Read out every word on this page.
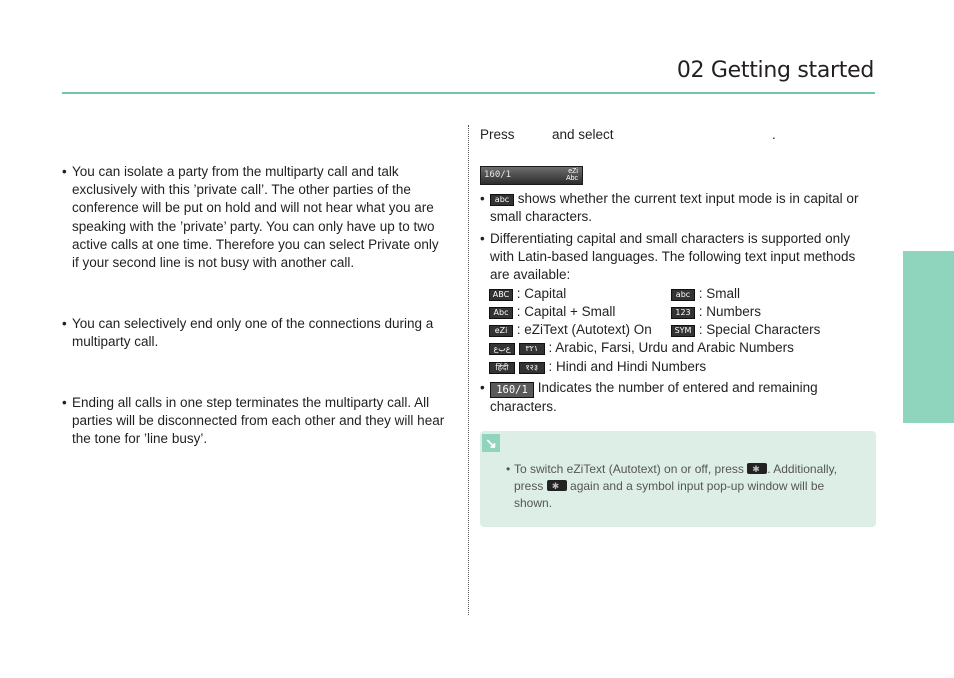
02 Getting started
• You can isolate a party from the multiparty call and talk exclusively with this ’private call’. The other parties of the conference will be put on hold and will not hear what you are speaking with the ’private’ party. You can only have up to two active calls at one time. Therefore you can select Private only if your second line is not busy with another call.
• You can selectively end only one of the connections during a multiparty call.
• Ending all calls in one step terminates the multiparty call. All parties will be disconnected from each other and they will hear the tone for ’line busy’.
Press	and select	.
160/1	eZi
Abc
• abc shows whether the current text input mode is in capital or small characters.
• Differentiating capital and small characters is supported only with Latin-based languages. The following text input methods are available:
ABC : Capital	abc : Small
Abc : Capital + Small	123 : Numbers
eZi : eZiText (Autotext) On	SYM : Special Characters
ﻉﺏﻉ ٣٢١ : Arabic, Farsi, Urdu and Arabic Numbers
हिंदी १२३ : Hindi and Hindi Numbers
• 160/1 Indicates the number of entered and remaining characters.
↘
• To switch eZiText (Autotext) on or off, press ✱ . Additionally, press ✱ again and a symbol input pop-up window will be shown.
